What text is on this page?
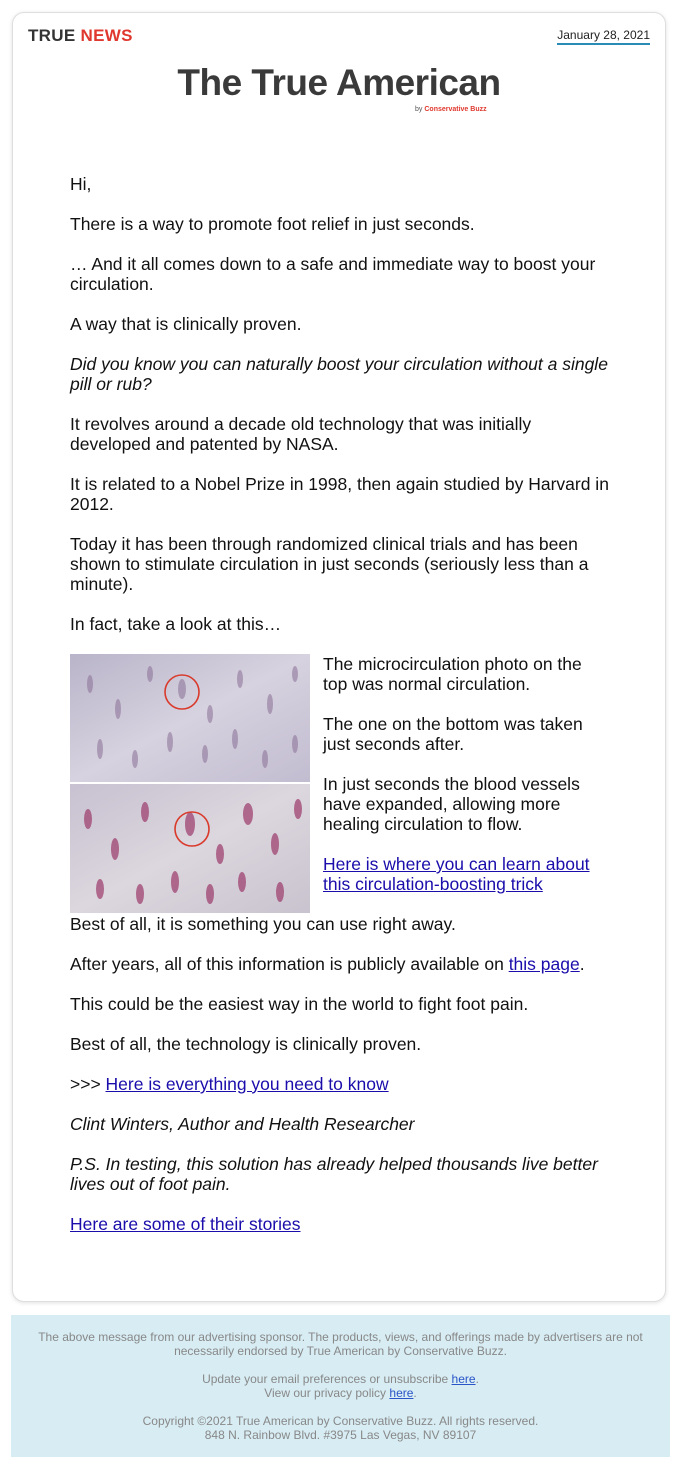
TRUE NEWS	January 28, 2021
The True American
by Conservative Buzz

Hi,

There is a way to promote foot relief in just seconds.

… And it all comes down to a safe and immediate way to boost your circulation.

A way that is clinically proven.

Did you know you can naturally boost your circulation without a single pill or rub?

It revolves around a decade old technology that was initially developed and patented by NASA.

It is related to a Nobel Prize in 1998, then again studied by Harvard in 2012.

Today it has been through randomized clinical trials and has been shown to stimulate circulation in just seconds (seriously less than a minute).

In fact, take a look at this…

The microcirculation photo on the top was normal circulation.

The one on the bottom was taken just seconds after.

In just seconds the blood vessels have expanded, allowing more healing circulation to flow.

Here is where you can learn about this circulation-boosting trick

Best of all, it is something you can use right away.

After years, all of this information is publicly available on this page.

This could be the easiest way in the world to fight foot pain.

Best of all, the technology is clinically proven.

>>> Here is everything you need to know

Clint Winters, Author and Health Researcher

P.S. In testing, this solution has already helped thousands live better lives out of foot pain.

Here are some of their stories

The above message from our advertising sponsor. The products, views, and offerings made by advertisers are not necessarily endorsed by True American by Conservative Buzz.

Update your email preferences or unsubscribe here.
View our privacy policy here.

Copyright ©2021 True American by Conservative Buzz. All rights reserved.
848 N. Rainbow Blvd. #3975 Las Vegas, NV 89107
